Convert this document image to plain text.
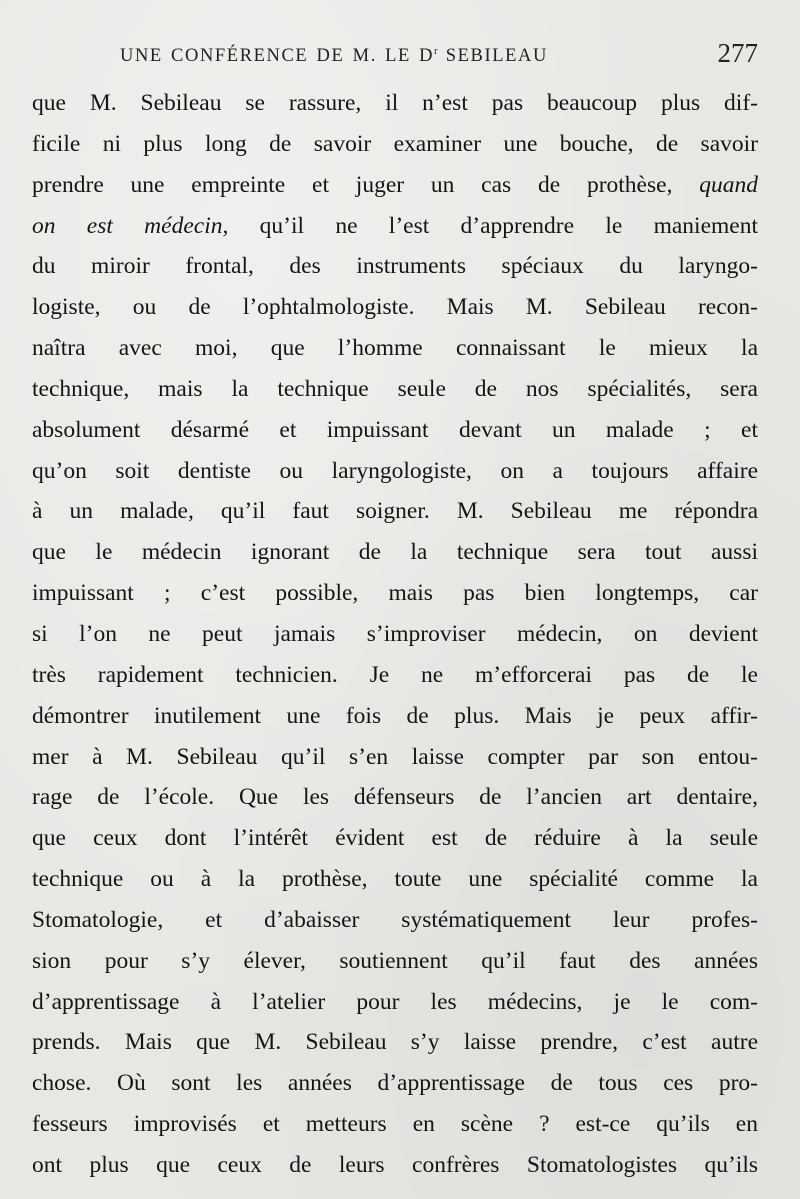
UNE CONFÉRENCE DE M. LE $D^r$ SEBILEAU	277
que M. Sebileau se rassure, il n’est pas beaucoup plus dif-
ficile ni plus long de savoir examiner une bouche, de savoir
prendre une empreinte et juger un cas de prothèse, quand
on est médecin, qu’il ne l’est d’apprendre le maniement
du miroir frontal, des instruments spéciaux du laryngo-
logiste, ou de l’ophtalmologiste. Mais M. Sebileau recon-
naîtra avec moi, que l’homme connaissant le mieux la
technique, mais la technique seule de nos spécialités, sera
absolument désarmé et impuissant devant un malade ; et
qu’on soit dentiste ou laryngologiste, on a toujours affaire
à un malade, qu’il faut soigner. M. Sebileau me répondra
que le médecin ignorant de la technique sera tout aussi
impuissant ; c’est possible, mais pas bien longtemps, car
si l’on ne peut jamais s’improviser médecin, on devient
très rapidement technicien. Je ne m’efforcerai pas de le
démontrer inutilement une fois de plus. Mais je peux affir-
mer à M. Sebileau qu’il s’en laisse compter par son entou-
rage de l’école. Que les défenseurs de l’ancien art dentaire,
que ceux dont l’intérêt évident est de réduire à la seule
technique ou à la prothèse, toute une spécialité comme la
Stomatologie, et d’abaisser systématiquement leur profes-
sion pour s’y élever, soutiennent qu’il faut des années
d’apprentissage à l’atelier pour les médecins, je le com-
prends. Mais que M. Sebileau s’y laisse prendre, c’est autre
chose. Où sont les années d’apprentissage de tous ces pro-
fesseurs improvisés et metteurs en scène ? est-ce qu’ils en
ont plus que ceux de leurs confrères Stomatologistes qu’ils
